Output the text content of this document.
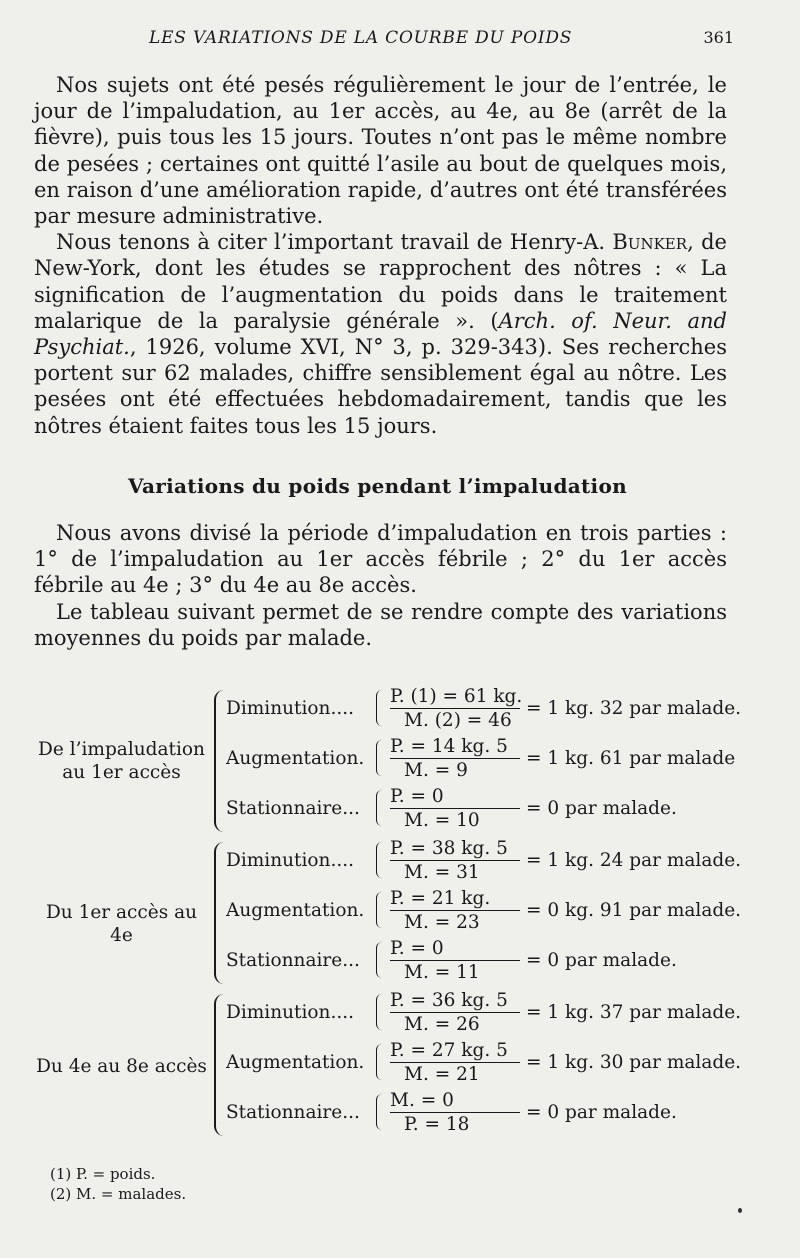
LES VARIATIONS DE LA COURBE DU POIDS	361

Nos sujets ont été pesés régulièrement le jour de l’entrée, le jour de l’impaludation, au 1er accès, au 4e, au 8e (arrêt de la fièvre), puis tous les 15 jours. Toutes n’ont pas le même nombre de pesées ; certaines ont quitté l’asile au bout de quelques mois, en raison d’une amélioration rapide, d’autres ont été transférées par mesure administrative.

Nous tenons à citer l’important travail de Henry-A. Bunker, de New-York, dont les études se rapprochent des nôtres : « La signification de l’augmentation du poids dans le traitement malarique de la paralysie générale ». (Arch. of. Neur. and Psychiat., 1926, volume XVI, N° 3, p. 329-343). Ses recherches portent sur 62 malades, chiffre sensiblement égal au nôtre. Les pesées ont été effectuées hebdomadairement, tandis que les nôtres étaient faites tous les 15 jours.

Variations du poids pendant l’impaludation

Nous avons divisé la période d’impaludation en trois parties : 1° de l’impaludation au 1er accès fébrile ; 2° du 1er accès fébrile au 4e ; 3° du 4e au 8e accès.

Le tableau suivant permet de se rendre compte des variations moyennes du poids par malade.

De l’impaludation
au 1er accès
Diminution.... $\frac{P. (1) = 61 kg.}{M. (2) = 46} = 1$ kg. 32 par malade.
Augmentation. $\frac{P. = 14 kg. 5}{M. = 9} = 1$ kg. 61 par malade
Stationnaire... $\frac{P. = 0}{M. = 10} = 0$ par malade.
Du 1er accès au 4e
Diminution.... $\frac{P. = 38 kg. 5}{M. = 31} = 1$ kg. 24 par malade.
Augmentation. $\frac{P. = 21 kg.}{M. = 23} = 0$ kg. 91 par malade.
Stationnaire... $\frac{P. = 0}{M. = 11} = 0$ par malade.
Du 4e au 8e accès
Diminution.... $\frac{P. = 36 kg. 5}{M. = 26} = 1$ kg. 37 par malade.
Augmentation. $\frac{P. = 27 kg. 5}{M. = 21} = 1$ kg. 30 par malade.
Stationnaire... $\frac{M. = 0}{P. = 18} = 0$ par malade.
(1) P. = poids.
(2) M. = malades.
